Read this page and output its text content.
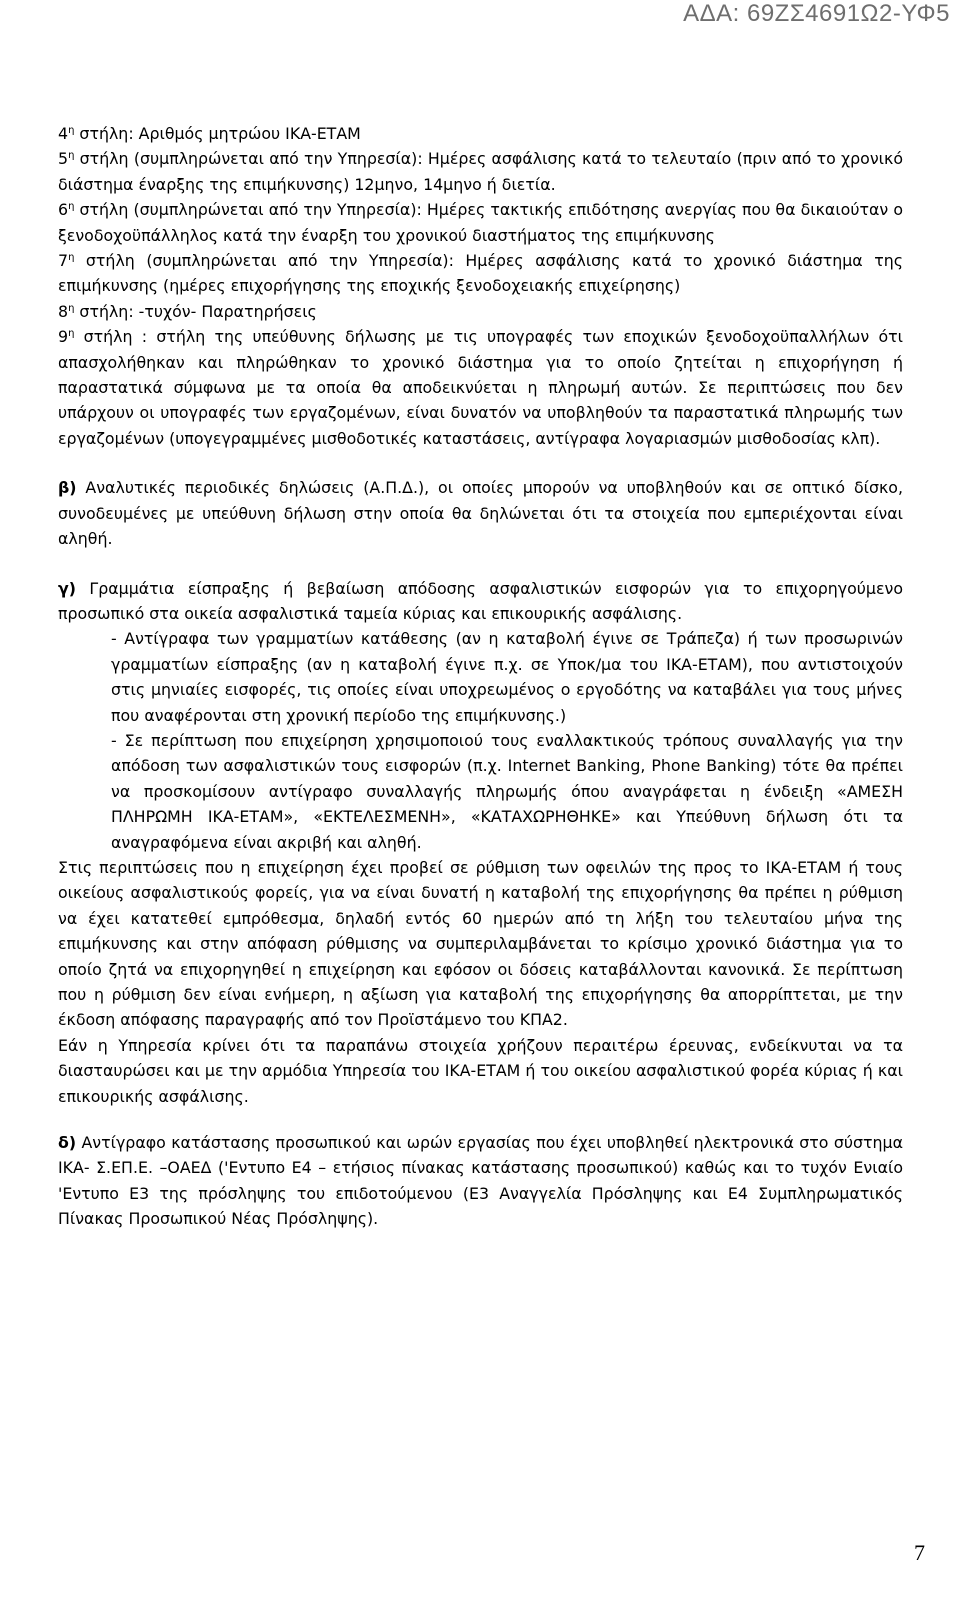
ΑΔΑ: 69ΖΣ4691Ω2-ΥΦ5

$4^\eta$ στήλη: Αριθμός μητρώου ΙΚΑ-ΕΤΑΜ

$5^\eta$ στήλη (συμπληρώνεται από την Υπηρεσία): Ημέρες ασφάλισης κατά το τελευταίο (πριν από το χρονικό διάστημα έναρξης της επιμήκυνσης) 12μηνο, 14μηνο ή διετία.

$6^\eta$ στήλη (συμπληρώνεται από την Υπηρεσία): Ημέρες τακτικής επιδότησης ανεργίας που θα δικαιούταν ο ξενοδοχοϋπάλληλος κατά την έναρξη του χρονικού διαστήματος της επιμήκυνσης

$7^\eta$ στήλη (συμπληρώνεται από την Υπηρεσία): Ημέρες ασφάλισης κατά το χρονικό διάστημα της επιμήκυνσης (ημέρες επιχορήγησης της εποχικής ξενοδοχειακής επιχείρησης)

$8^\eta$ στήλη: -τυχόν- Παρατηρήσεις

$9^\eta$ στήλη : στήλη της υπεύθυνης δήλωσης με τις υπογραφές των εποχικών ξενοδοχοϋπαλλήλων ότι απασχολήθηκαν και πληρώθηκαν το χρονικό διάστημα για το οποίο ζητείται η επιχορήγηση ή παραστατικά σύμφωνα με τα οποία θα αποδεικνύεται η πληρωμή αυτών. Σε περιπτώσεις που δεν υπάρχουν οι υπογραφές των εργαζομένων, είναι δυνατόν να υποβληθούν τα παραστατικά πληρωμής των εργαζομένων (υπογεγραμμένες μισθοδοτικές καταστάσεις, αντίγραφα λογαριασμών μισθοδοσίας κλπ).

β) Αναλυτικές περιοδικές δηλώσεις (Α.Π.Δ.), οι οποίες μπορούν να υποβληθούν και σε οπτικό δίσκο, συνοδευμένες με υπεύθυνη δήλωση στην οποία θα δηλώνεται ότι τα στοιχεία που εμπεριέχονται είναι αληθή.

γ) Γραμμάτια είσπραξης ή βεβαίωση απόδοσης ασφαλιστικών εισφορών για το επιχορηγούμενο προσωπικό στα οικεία ασφαλιστικά ταμεία κύριας και επικουρικής ασφάλισης.

- Αντίγραφα των γραμματίων κατάθεσης (αν η καταβολή έγινε σε Τράπεζα) ή των προσωρινών γραμματίων είσπραξης (αν η καταβολή έγινε π.χ. σε Υποκ/μα του ΙΚΑ-ΕΤΑΜ), που αντιστοιχούν στις μηνιαίες εισφορές, τις οποίες είναι υποχρεωμένος ο εργοδότης να καταβάλει για τους μήνες που αναφέρονται στη χρονική περίοδο της επιμήκυνσης.)

- Σε περίπτωση που επιχείρηση χρησιμοποιού τους εναλλακτικούς τρόπους συναλλαγής για την απόδοση των ασφαλιστικών τους εισφορών (π.χ. Internet Banking, Phone Banking) τότε θα πρέπει να προσκομίσουν αντίγραφο συναλλαγής πληρωμής όπου αναγράφεται η ένδειξη «ΑΜΕΣΗ ΠΛΗΡΩΜΗ ΙΚΑ-ΕΤΑΜ», «ΕΚΤΕΛΕΣΜΕΝΗ», «ΚΑΤΑΧΩΡΗΘΗΚΕ» και Υπεύθυνη δήλωση ότι τα αναγραφόμενα είναι ακριβή και αληθή.

Στις περιπτώσεις που η επιχείρηση έχει προβεί σε ρύθμιση των οφειλών της προς το ΙΚΑ-ΕΤΑΜ ή τους οικείους ασφαλιστικούς φορείς, για να είναι δυνατή η καταβολή της επιχορήγησης θα πρέπει η ρύθμιση να έχει κατατεθεί εμπρόθεσμα, δηλαδή εντός 60 ημερών από τη λήξη του τελευταίου μήνα της επιμήκυνσης και στην απόφαση ρύθμισης να συμπεριλαμβάνεται το κρίσιμο χρονικό διάστημα για το οποίο ζητά να επιχορηγηθεί η επιχείρηση και εφόσον οι δόσεις καταβάλλονται κανονικά. Σε περίπτωση που η ρύθμιση δεν είναι ενήμερη, η αξίωση για καταβολή της επιχορήγησης θα απορρίπτεται, με την έκδοση απόφασης παραγραφής από τον Προϊστάμενο του ΚΠΑ2.

Εάν η Υπηρεσία κρίνει ότι τα παραπάνω στοιχεία χρήζουν περαιτέρω έρευνας, ενδείκνυται να τα διασταυρώσει και με την αρμόδια Υπηρεσία του ΙΚΑ-ΕΤΑΜ ή του οικείου ασφαλιστικού φορέα κύριας ή και επικουρικής ασφάλισης.

δ) Αντίγραφο κατάστασης προσωπικού και ωρών εργασίας που έχει υποβληθεί ηλεκτρονικά στο σύστημα ΙΚΑ- Σ.ΕΠ.Ε. –ΟΑΕΔ ('Εντυπο Ε4 – ετήσιος πίνακας κατάστασης προσωπικού) καθώς και το τυχόν Ενιαίο 'Εντυπο Ε3 της πρόσληψης του επιδοτούμενου (Ε3 Αναγγελία Πρόσληψης και Ε4 Συμπληρωματικός Πίνακας Προσωπικού Νέας Πρόσληψης).

7
